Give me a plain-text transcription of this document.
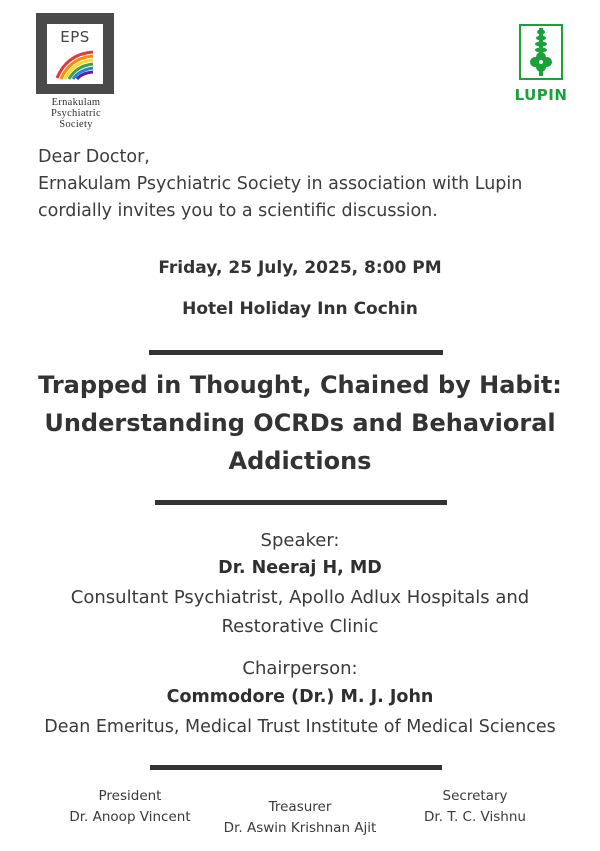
EPS
Ernakulam
Psychiatric
Society
LUPIN
Dear Doctor,
Ernakulam Psychiatric Society in association with Lupin
cordially invites you to a scientific discussion.
Friday, 25 July, 2025, 8:00 PM
Hotel Holiday Inn Cochin
Trapped in Thought, Chained by Habit:
Understanding OCRDs and Behavioral
Addictions
Speaker:
Dr. Neeraj H, MD
Consultant Psychiatrist, Apollo Adlux Hospitals and
Restorative Clinic
Chairperson:
Commodore (Dr.) M. J. John
Dean Emeritus, Medical Trust Institute of Medical Sciences
President
Dr. Anoop Vincent
Treasurer
Dr. Aswin Krishnan Ajit
Secretary
Dr. T. C. Vishnu
